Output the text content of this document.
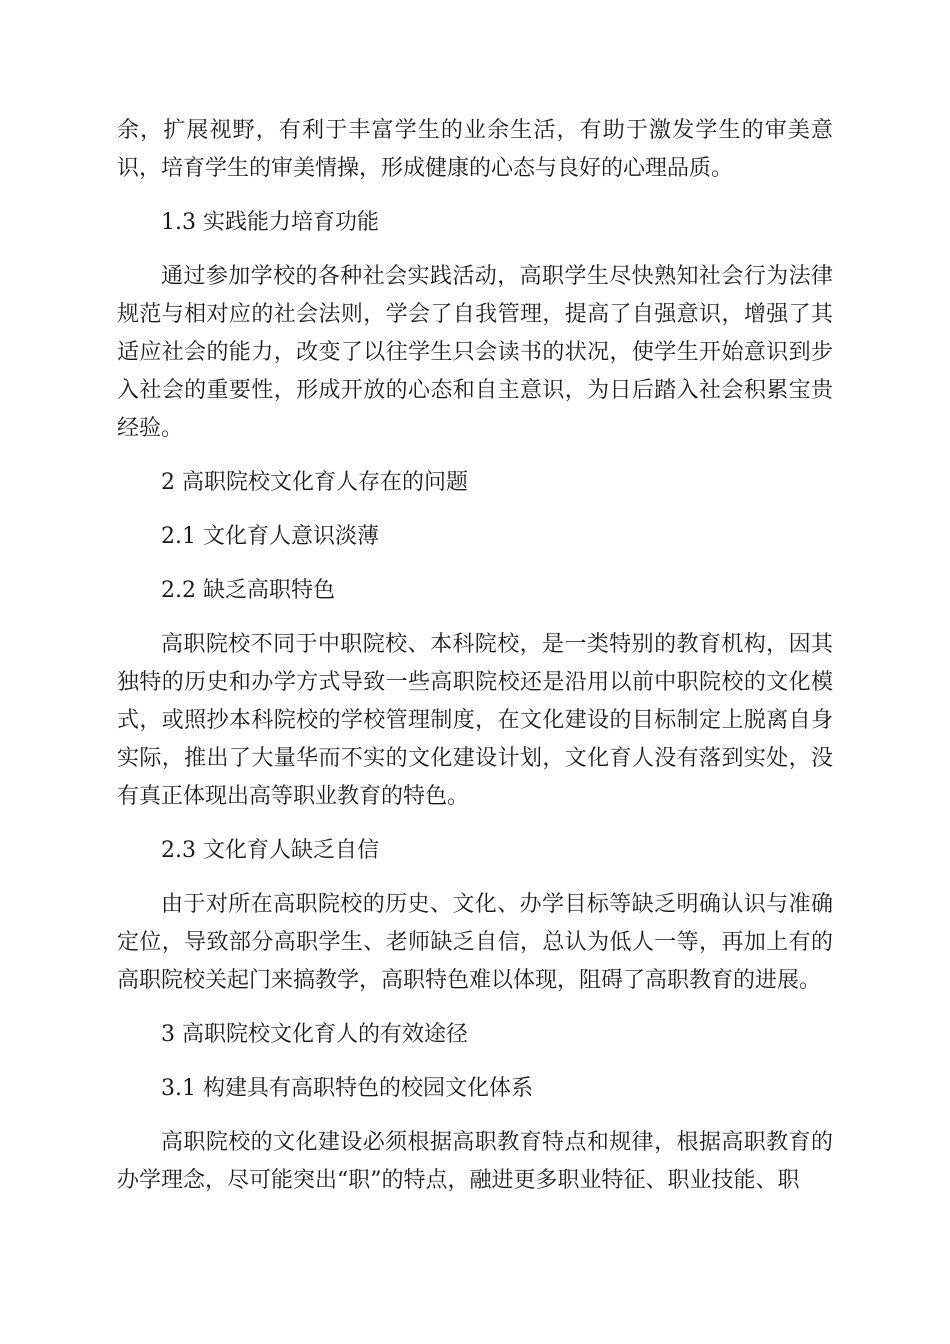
余，扩展视野，有利于丰富学生的业余生活，有助于激发学生的审美意识，培育学生的审美情操，形成健康的心态与良好的心理品质。

1.3 实践能力培育功能

通过参加学校的各种社会实践活动，高职学生尽快熟知社会行为法律规范与相对应的社会法则，学会了自我管理，提高了自强意识，增强了其适应社会的能力，改变了以往学生只会读书的状况，使学生开始意识到步入社会的重要性，形成开放的心态和自主意识，为日后踏入社会积累宝贵经验。

2 高职院校文化育人存在的问题

2.1 文化育人意识淡薄

2.2 缺乏高职特色

高职院校不同于中职院校、本科院校，是一类特别的教育机构，因其独特的历史和办学方式导致一些高职院校还是沿用以前中职院校的文化模式，或照抄本科院校的学校管理制度，在文化建设的目标制定上脱离自身实际，推出了大量华而不实的文化建设计划，文化育人没有落到实处，没有真正体现出高等职业教育的特色。

2.3 文化育人缺乏自信

由于对所在高职院校的历史、文化、办学目标等缺乏明确认识与准确定位，导致部分高职学生、老师缺乏自信，总认为低人一等，再加上有的高职院校关起门来搞教学，高职特色难以体现，阻碍了高职教育的进展。

3 高职院校文化育人的有效途径

3.1 构建具有高职特色的校园文化体系

高职院校的文化建设必须根据高职教育特点和规律，根据高职教育的办学理念，尽可能突出“职”的特点，融进更多职业特征、职业技能、职
